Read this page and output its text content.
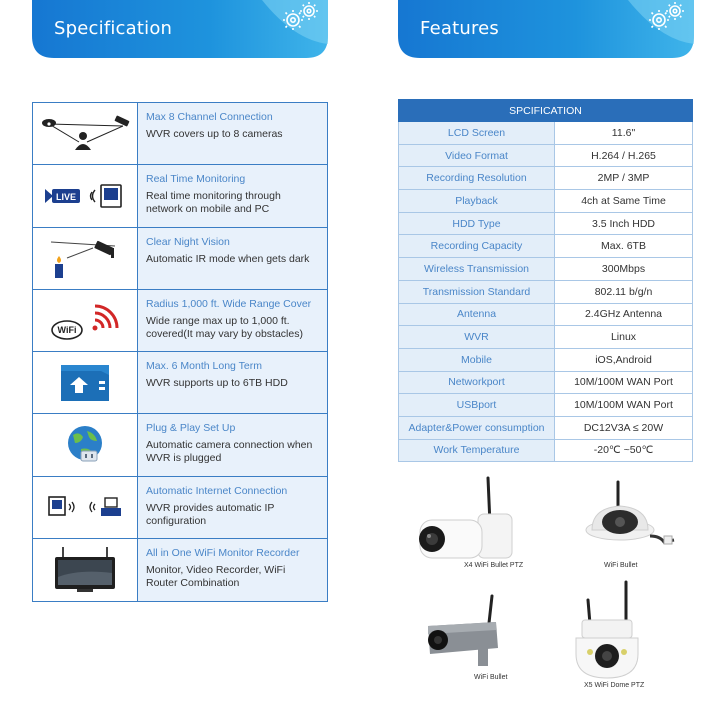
Specification	Features
Max 8 Channel Connection
WVR covers up to 8 cameras
LIVE
Real Time Monitoring
Real time monitoring through network on mobile and PC
Clear Night Vision
Automatic IR mode when gets dark
WiFi
Radius 1,000 ft. Wide Range Cover
Wide range max up to 1,000 ft. covered(It may vary by obstacles)
Max. 6 Month Long Term
WVR supports up to 6TB HDD
Plug & Play Set Up
Automatic camera connection when WVR is plugged
Automatic Internet Connection
WVR provides automatic IP configuration
All in One WiFi Monitor Recorder
Monitor, Video Recorder, WiFi Router Combination
SPCIFICATION	
LCD Screen	11.6"
Video Format	H.264 / H.265
Recording Resolution	2MP / 3MP
Playback	4ch at Same Time
HDD Type	3.5 Inch HDD
Recording Capacity	Max. 6TB
Wireless Transmission	300Mbps
Transmission Standard	802.11 b/g/n
Antenna	2.4GHz Antenna
WVR	Linux
Mobile	iOS,Android
Networkport	10M/100M WAN Port
USBport	10M/100M WAN Port
Adapter&Power consumption	DC12V3A ≤ 20W
Work Temperature	-20℃ ~50℃
X4 WiFi Bullet PTZ	WiFi Bullet
WiFi Bullet
X5 WiFi Dome PTZ
